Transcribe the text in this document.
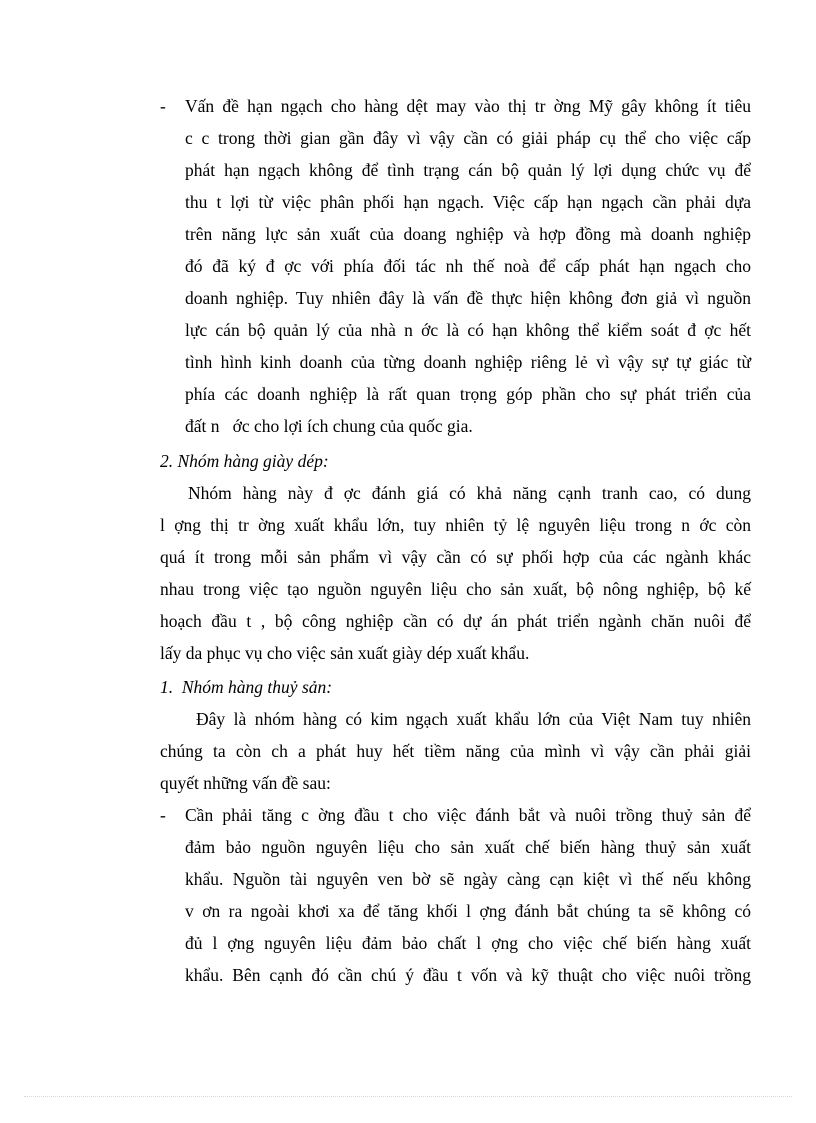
- Vấn đề hạn ngạch cho hàng dệt may vào thị tr ờng Mỹ gây không ít tiêu
c c trong thời gian gần đây vì vậy cần có giải pháp cụ thể cho việc cấp
phát hạn ngạch không để tình trạng cán bộ quản lý lợi dụng chức vụ để
thu t lợi từ việc phân phối hạn ngạch. Việc cấp hạn ngạch cần phải dựa
trên năng lực sản xuất của doang nghiệp và hợp đồng mà doanh nghiệp
đó đã ký đ ợc với phía đối tác nh thế noà để cấp phát hạn ngạch cho
doanh nghiệp. Tuy nhiên đây là vấn đề thực hiện không đơn giả vì nguồn
lực cán bộ quản lý của nhà n ớc là có hạn không thể kiểm soát đ ợc hết
tình hình kinh doanh của từng doanh nghiệp riêng lẻ vì vậy sự tự giác từ
phía các doanh nghiệp là rất quan trọng góp phần cho sự phát triển của
đất n   ớc cho lợi ích chung của quốc gia.
2. Nhóm hàng giày dép:
Nhóm hàng này đ ợc đánh giá có khả năng cạnh tranh cao, có dung
l ợng thị tr ờng xuất khẩu lớn, tuy nhiên tỷ lệ nguyên liệu trong n ớc còn
quá ít trong mỗi sản phẩm vì vậy cần có sự phối hợp của các ngành khác
nhau trong việc tạo nguồn nguyên liệu cho sản xuất, bộ nông nghiệp, bộ kế
hoạch đầu t , bộ công nghiệp cần có dự án phát triển ngành chăn nuôi để
lấy da phục vụ cho việc sản xuất giày dép xuất khẩu.
1.  Nhóm hàng thuỷ sản:
Đây là nhóm hàng có kim ngạch xuất khẩu lớn của Việt Nam tuy nhiên
chúng ta còn ch a phát huy hết tiềm năng của mình vì vậy cần phải giải
quyết những vấn đề sau:
- Cần phải tăng c ờng đầu t cho việc đánh bắt và nuôi trồng thuỷ sản để
đảm bảo nguồn nguyên liệu cho sản xuất chế biến hàng thuỷ sản xuất
khẩu. Nguồn tài nguyên ven bờ sẽ ngày càng cạn kiệt vì thế nếu không
v ơn ra ngoài khơi xa để tăng khối l ợng đánh bắt chúng ta sẽ không có
đủ l ợng nguyên liệu đảm bảo chất l ợng cho việc chế biến hàng xuất
khẩu. Bên cạnh đó cần chú ý đầu t vốn và kỹ thuật cho việc nuôi trồng
